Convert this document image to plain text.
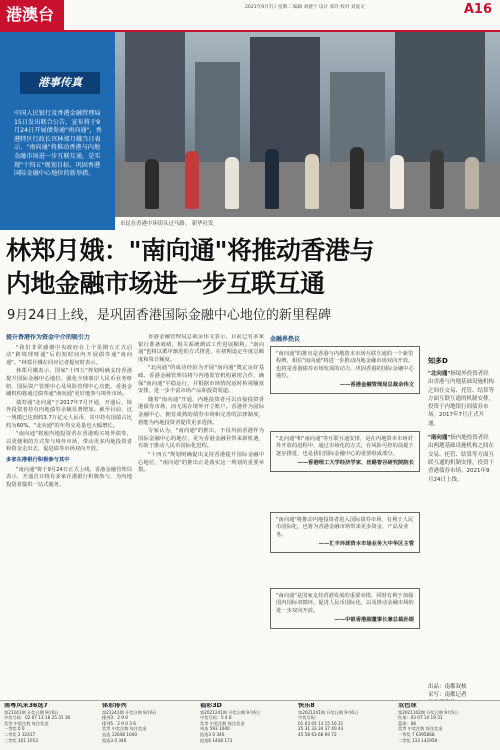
港澳台	2021年9月7日 星期二 编辑 刘建宁 设计 邓玲 校对 刘爱文	A16
港事传真
中国人民银行及香港金融管理局15日发出联合公告，宣布将于9月24日开展债券通"南向通"，香港特区行政长官林郑月娥当日表示，"南向通"将推动香港与内地金融市场进一步互联互通，是实现"十四五"规划目标、巩固香港国际金融中心地位的新举措。
市民在香港中环街头过马路。 新华社发
林郑月娥："南向通"将推动香港与
内地金融市场进一步互联互通
9月24日上线，是巩固香港国际金融中心地位的新里程碑
提升香港作为资金中介的吸引力

"我们非常感谢中央政府在上个星期五正式启动"跨境理财通"后的短时间内开展债券通"南向通"。"林郑月娥在回应记者提问时表示。

林郑月娥表示，国家"十四五"规划明确支持香港提升国际金融中心地位，强化全球离岸人民币业务枢纽、国际资产管理中心及风险管理中心功能。香港金融机构将通过债券通"南向通"更好地参与境外市场。

债券通"北向通"于2017年7月开通，开通后，境外投资者持有内地债券余额显著增加。截至目前，这一规模已达到约3.7万亿元人民币，其中持有国债占比约为60%。"北向通"的年均交易量也大幅增长。

"南向通"将使内地投资者在香港购买境外债券，以更便利的方式参与境外市场，带动更多内地投资者和资金走出去，促进债券市场双向开放。

多家在港银行积极参与其中

"南向通"将于9月24日正式上线，香港金融管理局表示，开通首日将有多家在港银行积极参与，为内地投资者提供一站式服务。

香港金融管理局总裁余伟文表示，目前已有多家银行准备就绪，相关系统测试工作进展顺利。"南向通"也将以循序渐进的方式推进，在初期设定年度总额度和每日额度。

"北向通"的成功经验为开展"南向通"奠定良好基础。香港金融管理局将与内地监管机构紧密合作，确保"南向通"平稳运行，并根据市场情况适时检视额度安排，进一步丰富市场产品和投资渠道。

随着"南向通"开通，内地投资者可以直接投资香港债券市场，而无需在境外开立账户。香港作为国际金融中心，拥有成熟的债券市场和完善的法律制度，将能为内地投资者提供更多选择。

专家认为，"南向通"的推出，不仅巩固香港作为国际金融中心的地位，更为香港金融业带来新机遇，有助于推动人民币国际化进程。

"十四五"规划明确提出支持香港提升国际金融中心地位，"南向通"的推出正是落实这一规划的重要举措。

金融界热议
"南向通"的推出是香港与内地资本市场互联互通的一个新里程碑，相信"南向通"将进一步推动内地金融市场双向开放，也将是香港债券市场发展的动力，巩固香港的国际金融中心地位。
——香港金融管理局总裁余伟文
"北向通"和"南向通"等互联互通安排，是在内地资本市场对外开放的进程中，通过市场化的方式，在风险可控的前提下逐步推进，也是我们国际金融中心的重要组成部分。
——香港理工大学经济学家、丝路智谷研究院院长
"南向通"将推动内地投资者进入国际债券市场，有利于人民币国际化，也将为香港金融市场带来更多资金、产品及业务。
——汇丰环球资本市场业务大中华区主管
"南向通"是国家支持香港发展的重要举措，同时有利于加强国内国际双循环，促进人民币国际化，以及推动金融市场的进一步双向开放。
——中银香港副董事长兼总裁孙煜
知多D
"北向通"指境外投资者经由香港与内地基础设施机构之间在交易、托管、结算等方面互联互通的机制安排，投资于内地银行间债券市场。2017年7月正式开通。
"南向通"指内地投资者经由两地基础设施机构之间在交易、托管、结算等方面互联互通的机制安排，投资于香港债券市场。2021年9月24日上线。
出品：南都双核
采写：南都记者
南粤风采36选7
第21241期 开奖日期 9月6日
中奖号码：02 07 13 18 25 31 36
奖等 中奖注数 每注奖金
一等奖 0 0
二等奖 2 32417
三等奖 101 1053
体彩排列
第21241期 开奖日期 9月6日
排列3：2 9 0
排列5：2 9 0 3 6
奖等 中奖注数 每注奖金
直选 12648 1040
组选3 0 346
福彩3D
第2021241期 开奖日期 9月6日
中奖号码：5 4 8
奖等 中奖注数 每注奖金
单选 593 1040
组选3 0 346
组选6 1408 173
快乐8
第2021241期 开奖日期 9月6日
中奖号码：
01 03 05 13 15 16 21
25 31 33 34 37 40 43
45 58 63 68 69 72
双色球
第2021102期 开奖日期 9月5日
红球：03 07 14 19 31
蓝球：08
奖等 中奖注数 每注奖金
一等奖 7 6395868
二等奖 133 142958
